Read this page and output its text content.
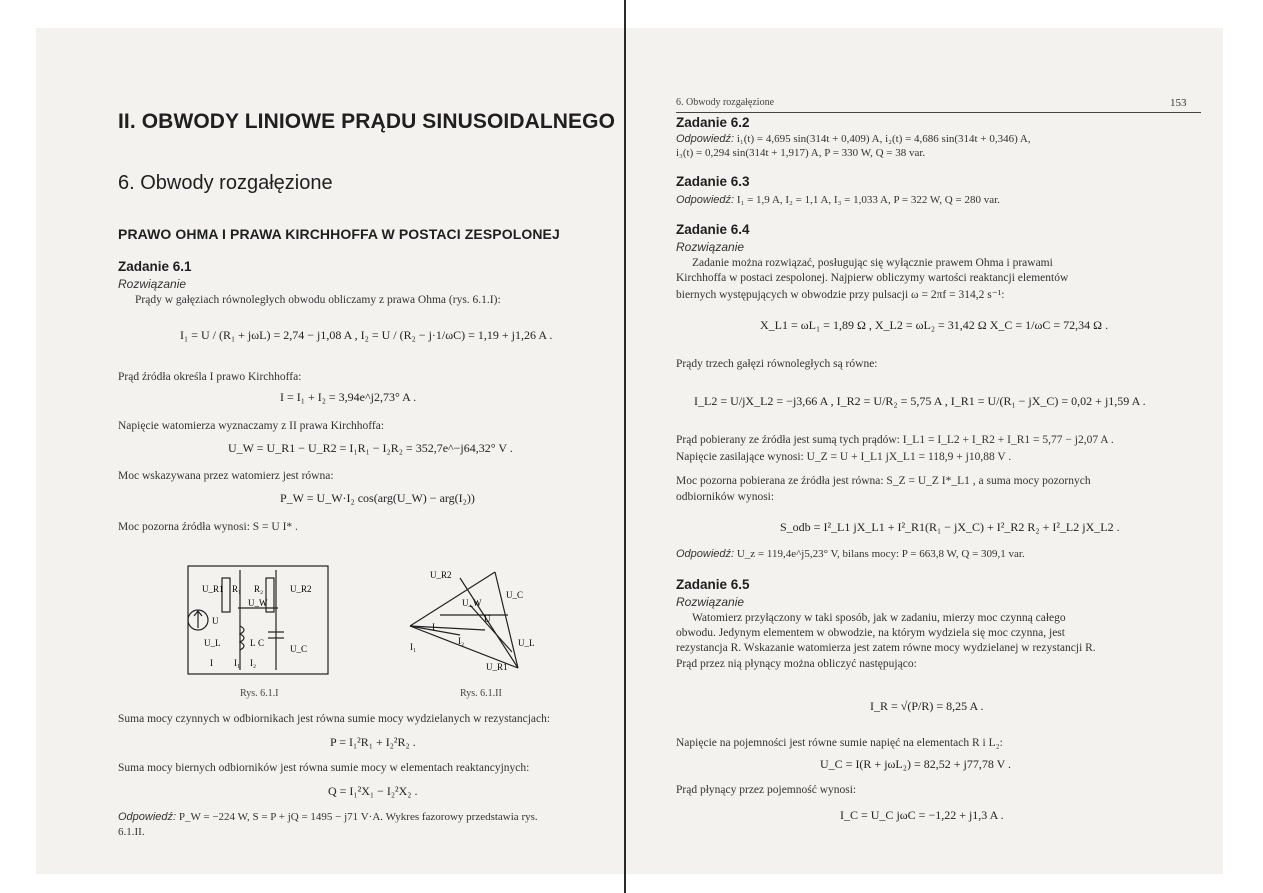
II. OBWODY LINIOWE PRĄDU SINUSOIDALNEGO
6. Obwody rozgałęzione
PRAWO OHMA I PRAWA KIRCHHOFFA W POSTACI ZESPOLONEJ
Zadanie 6.1
Rozwiązanie
Prądy w gałęziach równoległych obwodu obliczamy z prawa Ohma (rys. 6.1.I):
I₁ = U / (R₁ + jωL) = 2,74 − j1,08 A , I₂ = U / (R₂ − j·1/ωC) = 1,19 + j1,26 A .
Prąd źródła określa I prawo Kirchhoffa:
I = I₁ + I₂ = 3,94e^j2,73° A .
Napięcie watomierza wyznaczamy z II prawa Kirchhoffa:
U_W = U_R1 − U_R2 = I₁R₁ − I₂R₂ = 352,7e^−j64,32° V .
Moc wskazywana przez watomierz jest równa:
P_W = U_W·I₂ cos(arg(U_W) − arg(I₂))
Moc pozorna źródła wynosi: S = U I* .
U_R1 R₁ R₂	U_R2
U_W
U
U_L	L C
U_C
I I₁ I₂
U_R2
U_W
U_C
U
I
I₂
I₁	U_L
U_R1
Rys. 6.1.I	Rys. 6.1.II
Suma mocy czynnych w odbiornikach jest równa sumie mocy wydzielanych w rezystancjach:
P = I₁²R₁ + I₂²R₂ .
Suma mocy biernych odbiorników jest równa sumie mocy w elementach reaktancyjnych:
Q = I₁²X₁ − I₂²X₂ .
Odpowiedź: P_W = −224 W, S = P + jQ = 1495 − j71 V·A. Wykres fazorowy przedstawia rys.
6.1.II.
6. Obwody rozgałęzione	153
Zadanie 6.2
Odpowiedź: i₁(t) = 4,695 sin(314t + 0,409) A, i₂(t) = 4,686 sin(314t + 0,346) A,
i₃(t) = 0,294 sin(314t + 1,917) A, P = 330 W, Q = 38 var.
Zadanie 6.3
Odpowiedź: I₁ = 1,9 A, I₂ = 1,1 A, I₃ = 1,033 A, P = 322 W, Q = 280 var.
Zadanie 6.4
Rozwiązanie
Zadanie można rozwiązać, posługując się wyłącznie prawem Ohma i prawami
Kirchhoffa w postaci zespolonej. Najpierw obliczymy wartości reaktancji elementów
biernych występujących w obwodzie przy pulsacji ω = 2πf = 314,2 s⁻¹:
X_L1 = ωL₁ = 1,89 Ω , X_L2 = ωL₂ = 31,42 Ω X_C = 1/ωC = 72,34 Ω .
Prądy trzech gałęzi równoległych są równe:
I_L2 = U/jX_L2 = −j3,66 A , I_R2 = U/R₂ = 5,75 A , I_R1 = U/(R₁ − jX_C) = 0,02 + j1,59 A .
Prąd pobierany ze źródła jest sumą tych prądów: I_L1 = I_L2 + I_R2 + I_R1 = 5,77 − j2,07 A .
Napięcie zasilające wynosi: U_Z = U + I_L1 jX_L1 = 118,9 + j10,88 V .
Moc pozorna pobierana ze źródła jest równa: S_Z = U_Z I*_L1 , a suma mocy pozornych
odbiorników wynosi:
S_odb = I²_L1 jX_L1 + I²_R1(R₁ − jX_C) + I²_R2 R₂ + I²_L2 jX_L2 .
Odpowiedź: U_z = 119,4e^j5,23° V, bilans mocy: P = 663,8 W, Q = 309,1 var.
Zadanie 6.5
Rozwiązanie
Watomierz przyłączony w taki sposób, jak w zadaniu, mierzy moc czynną całego
obwodu. Jedynym elementem w obwodzie, na którym wydziela się moc czynna, jest
rezystancja R. Wskazanie watomierza jest zatem równe mocy wydzielanej w rezystancji R.
Prąd przez nią płynący można obliczyć następująco:
I_R = √(P/R) = 8,25 A .
Napięcie na pojemności jest równe sumie napięć na elementach R i L₂:
U_C = I(R + jωL₂) = 82,52 + j77,78 V .
Prąd płynący przez pojemność wynosi:
I_C = U_C jωC = −1,22 + j1,3 A .
